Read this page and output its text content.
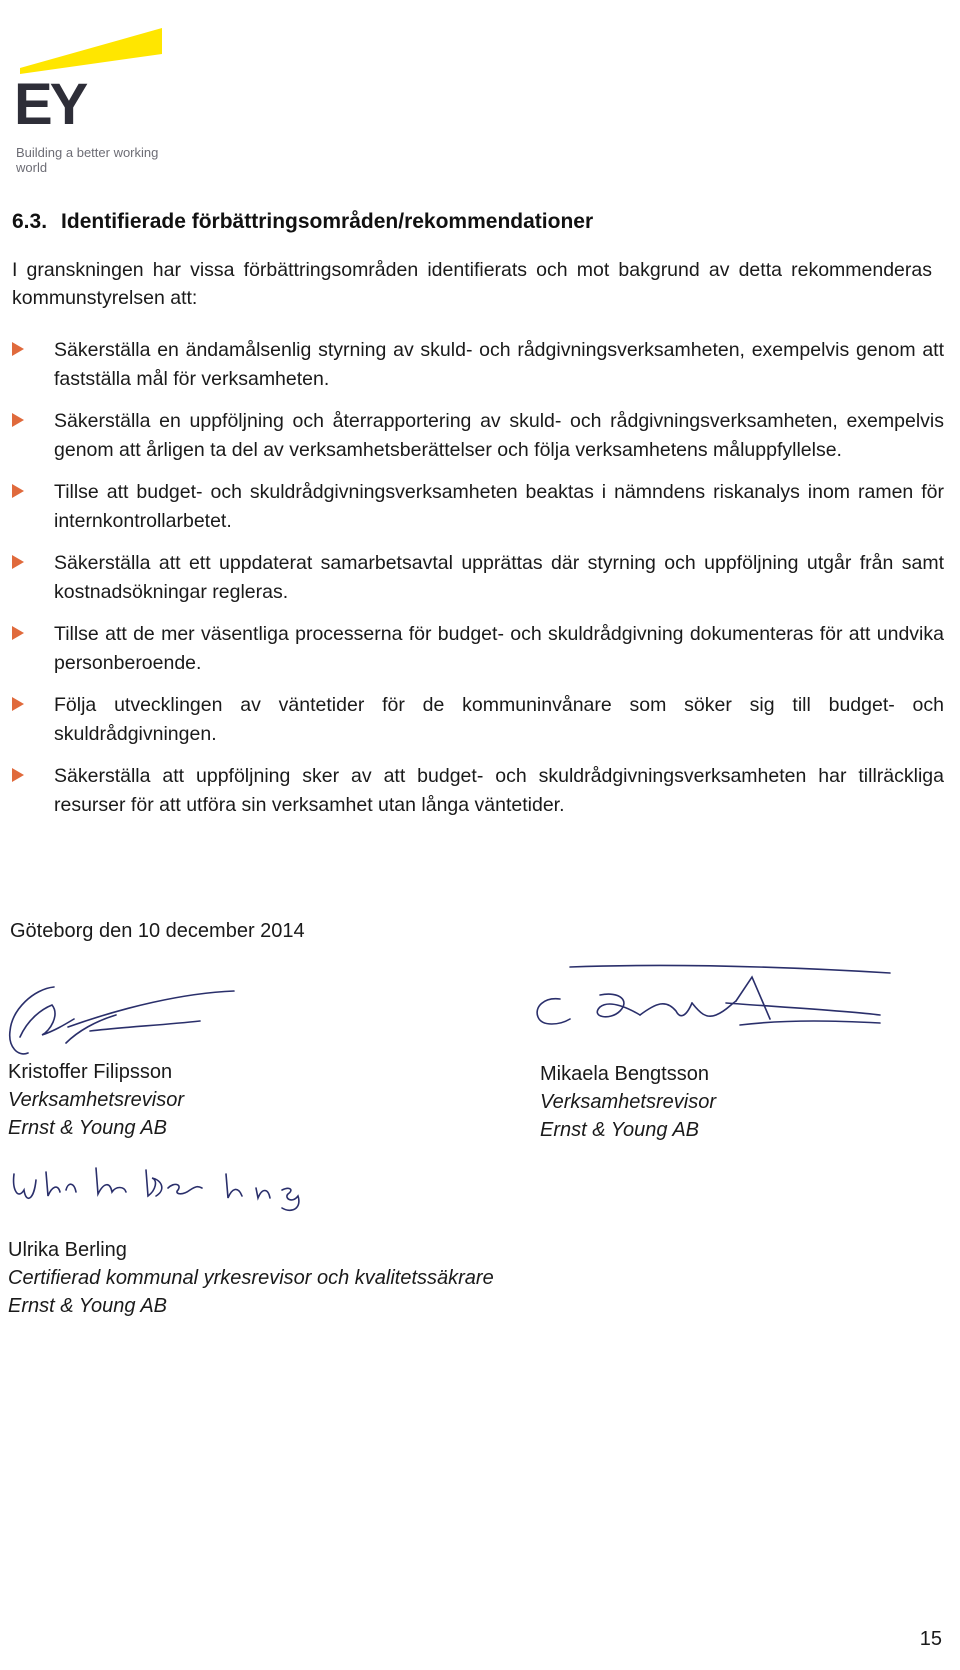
EY
Building a better working world
6.3. Identifierade förbättringsområden/rekommendationer

I granskningen har vissa förbättringsområden identifierats och mot bakgrund av detta rekommenderas kommunstyrelsen att:

Säkerställa en ändamålsenlig styrning av skuld- och rådgivningsverksamheten, exempelvis genom att fastställa mål för verksamheten.
Säkerställa en uppföljning och återrapportering av skuld- och rådgivningsverksamheten, exempelvis genom att årligen ta del av verksamhetsberättelser och följa verksamhetens måluppfyllelse.
Tillse att budget- och skuldrådgivningsverksamheten beaktas i nämndens riskanalys inom ramen för internkontrollarbetet.
Säkerställa att ett uppdaterat samarbetsavtal upprättas där styrning och uppföljning utgår från samt kostnadsökningar regleras.
Tillse att de mer väsentliga processerna för budget- och skuldrådgivning dokumenteras för att undvika personberoende.
Följa utvecklingen av väntetider för de kommuninvånare som söker sig till budget- och skuldrådgivningen.
Säkerställa att uppföljning sker av att budget- och skuldrådgivningsverksamheten har tillräckliga resurser för att utföra sin verksamhet utan långa väntetider.

Göteborg den 10 december 2014

Kristoffer Filipsson
Verksamhetsrevisor
Ernst & Young AB
Mikaela Bengtsson
Verksamhetsrevisor
Ernst & Young AB
Ulrika Berling
Certifierad kommunal yrkesrevisor och kvalitetssäkrare
Ernst & Young AB
15
